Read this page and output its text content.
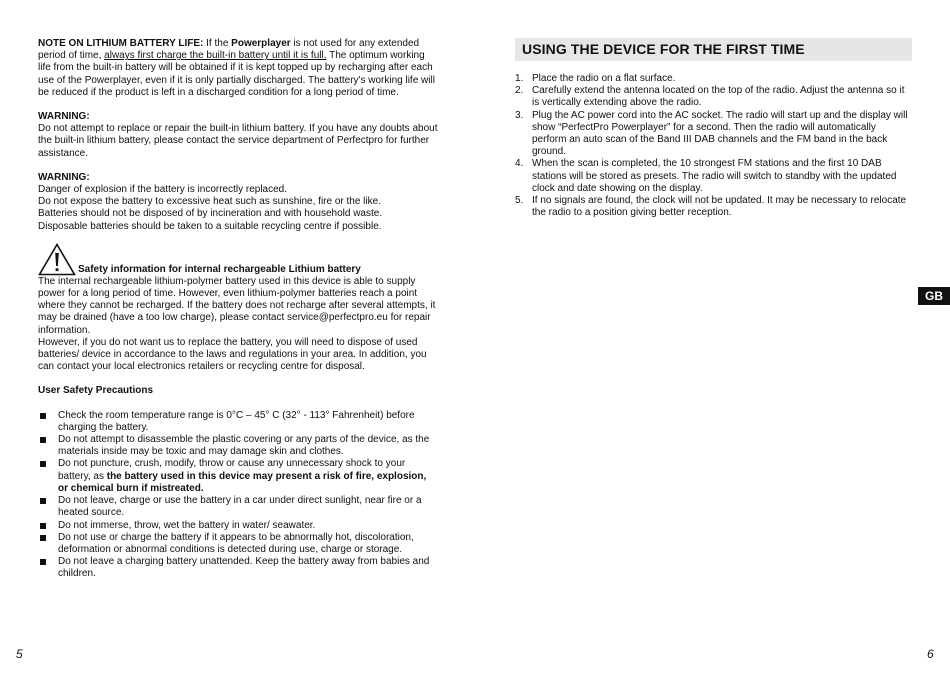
NOTE ON LITHIUM BATTERY LIFE: If the Powerplayer is not used for any extended period of time, always first charge the built-in battery until it is full. The optimum working life from the built-in battery will be obtained if it is kept topped up by recharging after each use of the Powerplayer, even if it is only partially discharged. The battery's working life will be reduced if the product is left in a discharged condition for a long period of time.

WARNING:

Do not attempt to replace or repair the built-in lithium battery. If you have any doubts about the built-in lithium battery, please contact the service department of Perfectpro for further assistance.

WARNING:

Danger of explosion if the battery is incorrectly replaced.

Do not expose the battery to excessive heat such as sunshine, fire or the like.

Batteries should not be disposed of by incineration and with household waste.

Disposable batteries should be taken to a suitable recycling centre if possible.

Safety information for internal rechargeable Lithium battery

The internal rechargeable lithium-polymer battery used in this device is able to supply power for a long period of time. However, even lithium-polymer batteries reach a point where they cannot be recharged. If the battery does not recharge after several attempts, it may be drained (have a too low charge), please contact service@perfectpro.eu for repair information.

However, if you do not want us to replace the battery, you will need to dispose of used batteries/ device in accordance to the laws and regulations in your area. In addition, you can contact your local electronics retailers or recycling centre for disposal.

User Safety Precautions

Check the room temperature range is 0°C – 45° C (32° - 113° Fahrenheit) before charging the battery.
Do not attempt to disassemble the plastic covering or any parts of the device, as the materials inside may be toxic and may damage skin and clothes.
Do not puncture, crush, modify, throw or cause any unnecessary shock to your battery, as the battery used in this device may present a risk of fire, explosion, or chemical burn if mistreated.
Do not leave, charge or use the battery in a car under direct sunlight, near fire or a heated source.
Do not immerse, throw, wet the battery in water/ seawater.
Do not use or charge the battery if it appears to be abnormally hot, discoloration, deformation or abnormal conditions is detected during use, charge or storage.
Do not leave a charging battery unattended. Keep the battery away from babies and children.
5
USING THE DEVICE FOR THE FIRST TIME
1. Place the radio on a flat surface.
2. Carefully extend the antenna located on the top of the radio. Adjust the antenna so it is vertically extending above the radio.
3. Plug the AC power cord into the AC socket. The radio will start up and the display will show “PerfectPro Powerplayer” for a second. Then the radio will automatically perform an auto scan of the Band III DAB channels and the FM band in the back ground.
4. When the scan is completed, the 10 strongest FM stations and the first 10 DAB stations will be stored as presets. The radio will switch to standby with the updated clock and date showing on the display.
5. If no signals are found, the clock will not be updated. It may be necessary to relocate the radio to a position giving better reception.
6
GB
